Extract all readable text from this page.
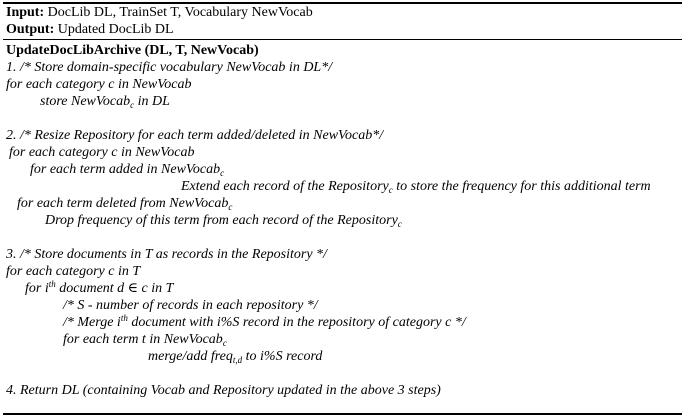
Input: DocLib DL, TrainSet T, Vocabulary NewVocab
Output: Updated DocLib DL
UpdateDocLibArchive (DL, T, NewVocab)
1. /* Store domain-specific vocabulary NewVocab in DL*/
for each category c in NewVocab
store NewVocab$_c$ in DL
2. /* Resize Repository for each term added/deleted in NewVocab*/
for each category c in NewVocab
for each term added in NewVocab$_c$
Extend each record of the Repository$_c$ to store the frequency for this additional term
for each term deleted from NewVocab$_c$
Drop frequency of this term from each record of the Repository$_c$
3. /* Store documents in T as records in the Repository */
for each category c in T
for $i^{th}$ document d ∈ c in T
/* S - number of records in each repository */
/* Merge $i^{th}$ document with i%S record in the repository of category c */
for each term t in NewVocab$_c$
merge/add freq$_{t,d}$ to i%S record
4. Return DL (containing Vocab and Repository updated in the above 3 steps)
